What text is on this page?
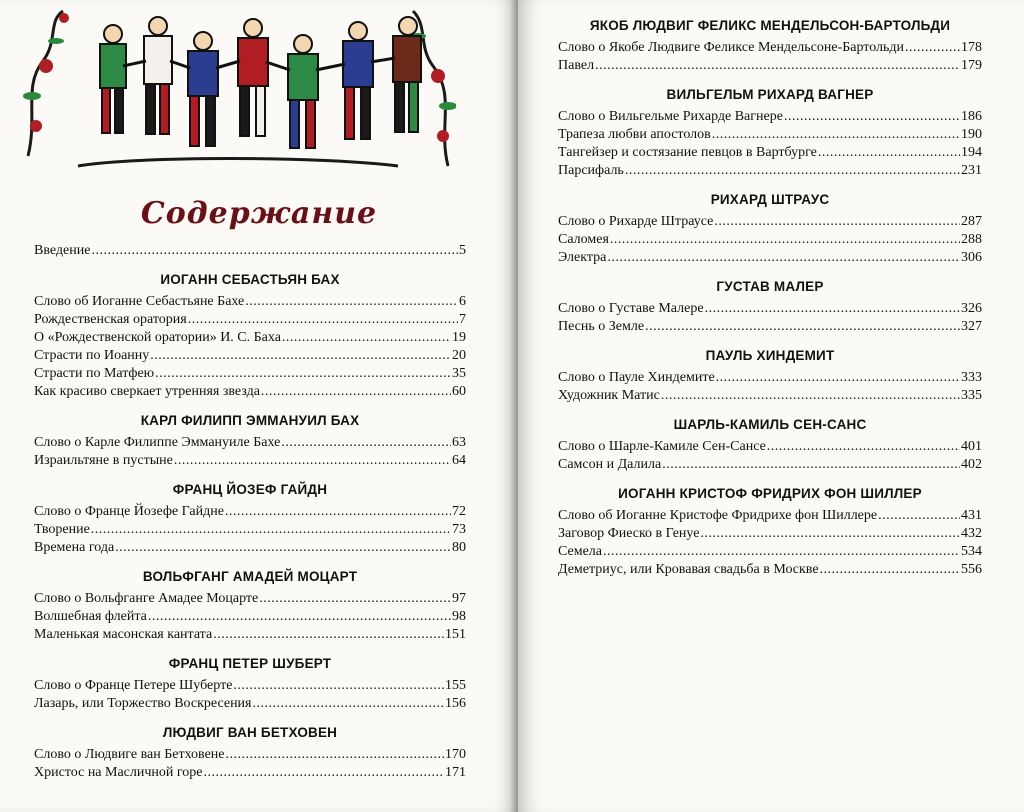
Содержание
Введение .....	5
ИОГАНН СЕБАСТЬЯН БАХ
Слово об Иоганне Себастьяне Бахе .....	6
Рождественская оратория .....	7
О «Рождественской оратории» И. С. Баха .....	19
Страсти по Иоанну .....	20
Страсти по Матфею .....	35
Как красиво сверкает утренняя звезда .....	60
КАРЛ ФИЛИПП ЭММАНУИЛ БАХ
Слово о Карле Филиппе Эммануиле Бахе .....	63
Израильтяне в пустыне .....	64
ФРАНЦ ЙОЗЕФ ГАЙДН
Слово о Франце Йозефе Гайдне .....	72
Творение .....	73
Времена года .....	80
ВОЛЬФГАНГ АМАДЕЙ МОЦАРТ
Слово о Вольфганге Амадее Моцарте .....	97
Волшебная флейта .....	98
Маленькая масонская кантата .....	151
ФРАНЦ ПЕТЕР ШУБЕРТ
Слово о Франце Петере Шуберте .....	155
Лазарь, или Торжество Воскресения .....	156
ЛЮДВИГ ВАН БЕТХОВЕН
Слово о Людвиге ван Бетховене .....	170
Христос на Масличной горе .....	171
ЯКОБ ЛЮДВИГ ФЕЛИКС МЕНДЕЛЬСОН-БАРТОЛЬДИ
Слово о Якобе Людвиге Феликсе Мендельсоне-Бартольди .....	178
Павел .....	179
ВИЛЬГЕЛЬМ РИХАРД ВАГНЕР
Слово о Вильгельме Рихарде Вагнере .....	186
Трапеза любви апостолов .....	190
Тангейзер и состязание певцов в Вартбурге .....	194
Парсифаль .....	231
РИХАРД ШТРАУС
Слово о Рихарде Штраусе .....	287
Саломея .....	288
Электра .....	306
ГУСТАВ МАЛЕР
Слово о Густаве Малере .....	326
Песнь о Земле .....	327
ПАУЛЬ ХИНДЕМИТ
Слово о Пауле Хиндемите .....	333
Художник Матис .....	335
ШАРЛЬ-КАМИЛЬ СЕН-САНС
Слово о Шарле-Камиле Сен-Сансе .....	401
Самсон и Далила .....	402
ИОГАНН КРИСТОФ ФРИДРИХ ФОН ШИЛЛЕР
Слово об Иоганне Кристофе Фридрихе фон Шиллере .....	431
Заговор Фиеско в Генуе .....	432
Семела .....	534
Деметриус, или Кровавая свадьба в Москве .....	556
